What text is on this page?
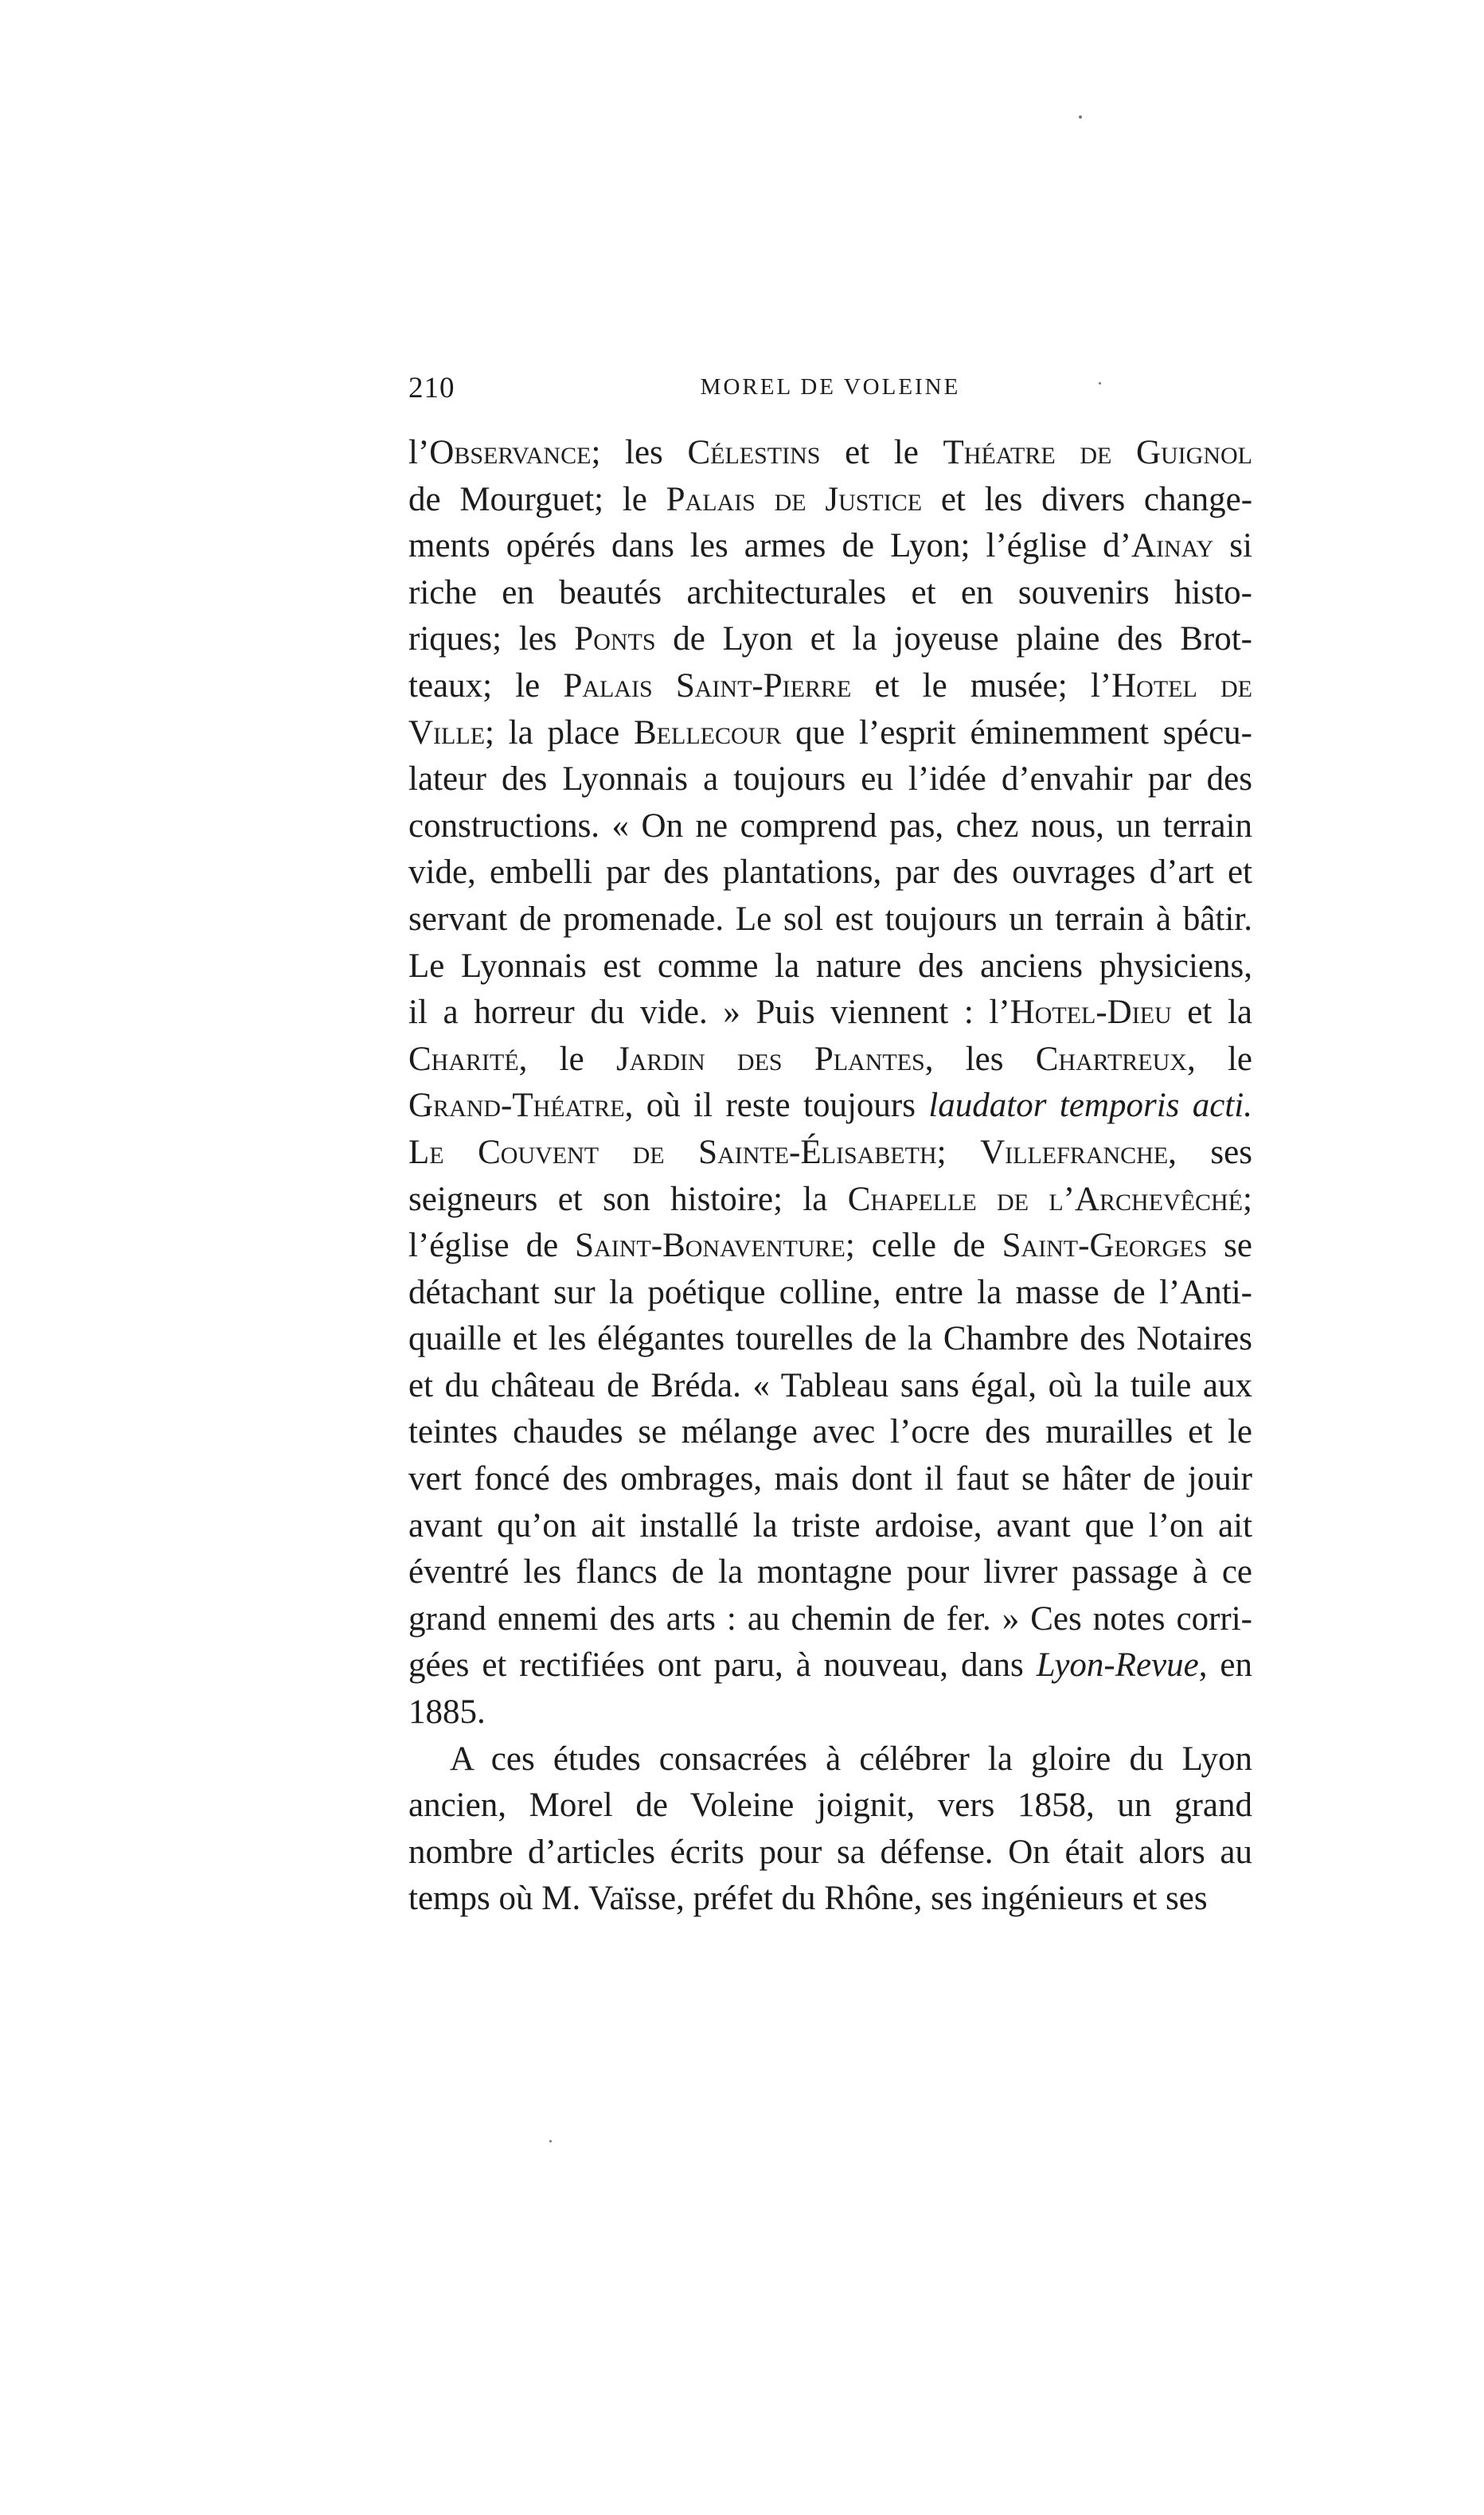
210	MOREL DE VOLEINE
l’Observance; les Célestins et le Théatre de Guignol
de Mourguet; le Palais de Justice et les divers change-
ments opérés dans les armes de Lyon; l’église d’Ainay si
riche en beautés architecturales et en souvenirs histo-
riques; les Ponts de Lyon et la joyeuse plaine des Brot-
teaux; le Palais Saint-Pierre et le musée; l’Hotel de
Ville; la place Bellecour que l’esprit éminemment spécu-
lateur des Lyonnais a toujours eu l’idée d’envahir par des
constructions. « On ne comprend pas, chez nous, un terrain
vide, embelli par des plantations, par des ouvrages d’art et
servant de promenade. Le sol est toujours un terrain à bâtir.
Le Lyonnais est comme la nature des anciens physiciens,
il a horreur du vide. » Puis viennent : l’Hotel-Dieu et la
Charité, le Jardin des Plantes, les Chartreux, le
Grand-Théatre, où il reste toujours laudator temporis acti.
Le Couvent de Sainte-Élisabeth; Villefranche, ses
seigneurs et son histoire; la Chapelle de l’Archevêché;
l’église de Saint-Bonaventure; celle de Saint-Georges se
détachant sur la poétique colline, entre la masse de l’Anti-
quaille et les élégantes tourelles de la Chambre des Notaires
et du château de Bréda. « Tableau sans égal, où la tuile aux
teintes chaudes se mélange avec l’ocre des murailles et le
vert foncé des ombrages, mais dont il faut se hâter de jouir
avant qu’on ait installé la triste ardoise, avant que l’on ait
éventré les flancs de la montagne pour livrer passage à ce
grand ennemi des arts : au chemin de fer. » Ces notes corri-
gées et rectifiées ont paru, à nouveau, dans Lyon-Revue, en
1885.
A ces études consacrées à célébrer la gloire du Lyon
ancien, Morel de Voleine joignit, vers 1858, un grand
nombre d’articles écrits pour sa défense. On était alors au
temps où M. Vaïsse, préfet du Rhône, ses ingénieurs et ses
